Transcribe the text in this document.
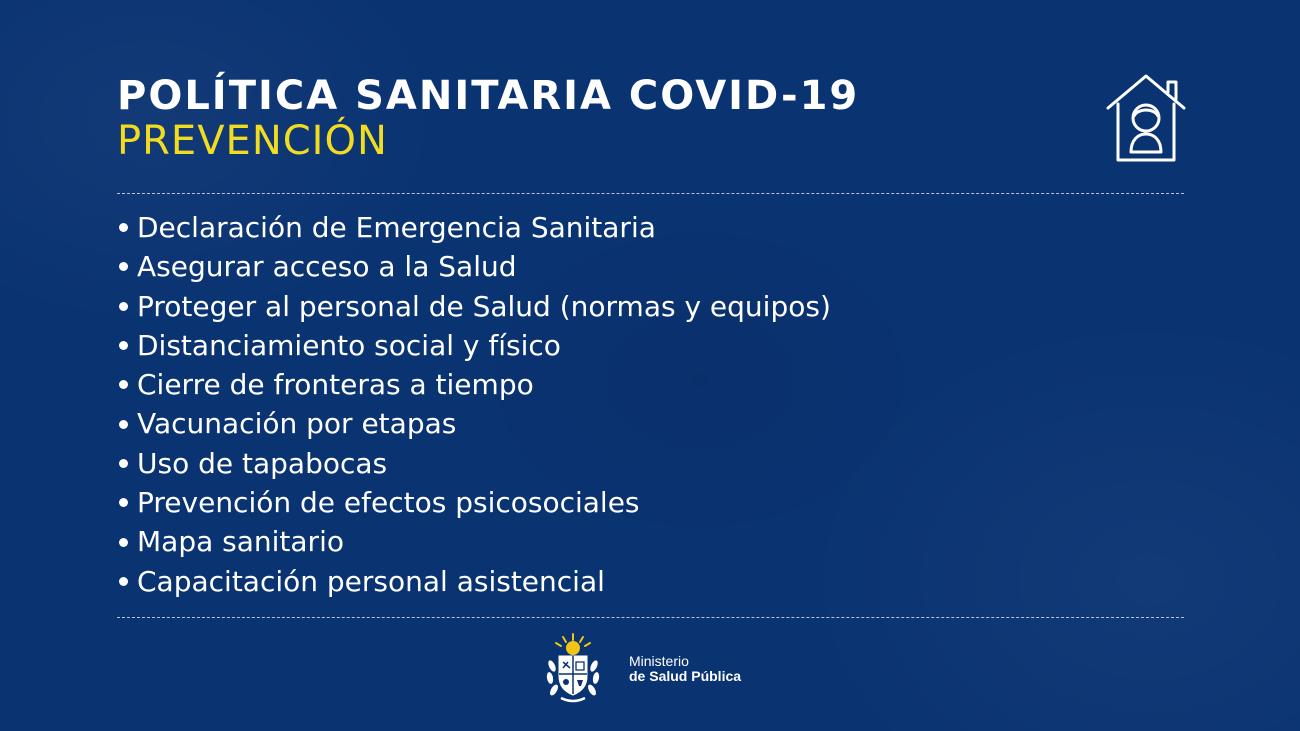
POLÍTICA SANITARIA COVID-19
PREVENCIÓN
Declaración de Emergencia Sanitaria
Asegurar acceso a la Salud
Proteger al personal de Salud (normas y equipos)
Distanciamiento social y físico
Cierre de fronteras a tiempo
Vacunación por etapas
Uso de tapabocas
Prevención de efectos psicosociales
Mapa sanitario
Capacitación personal asistencial
Ministerio
de Salud Pública
